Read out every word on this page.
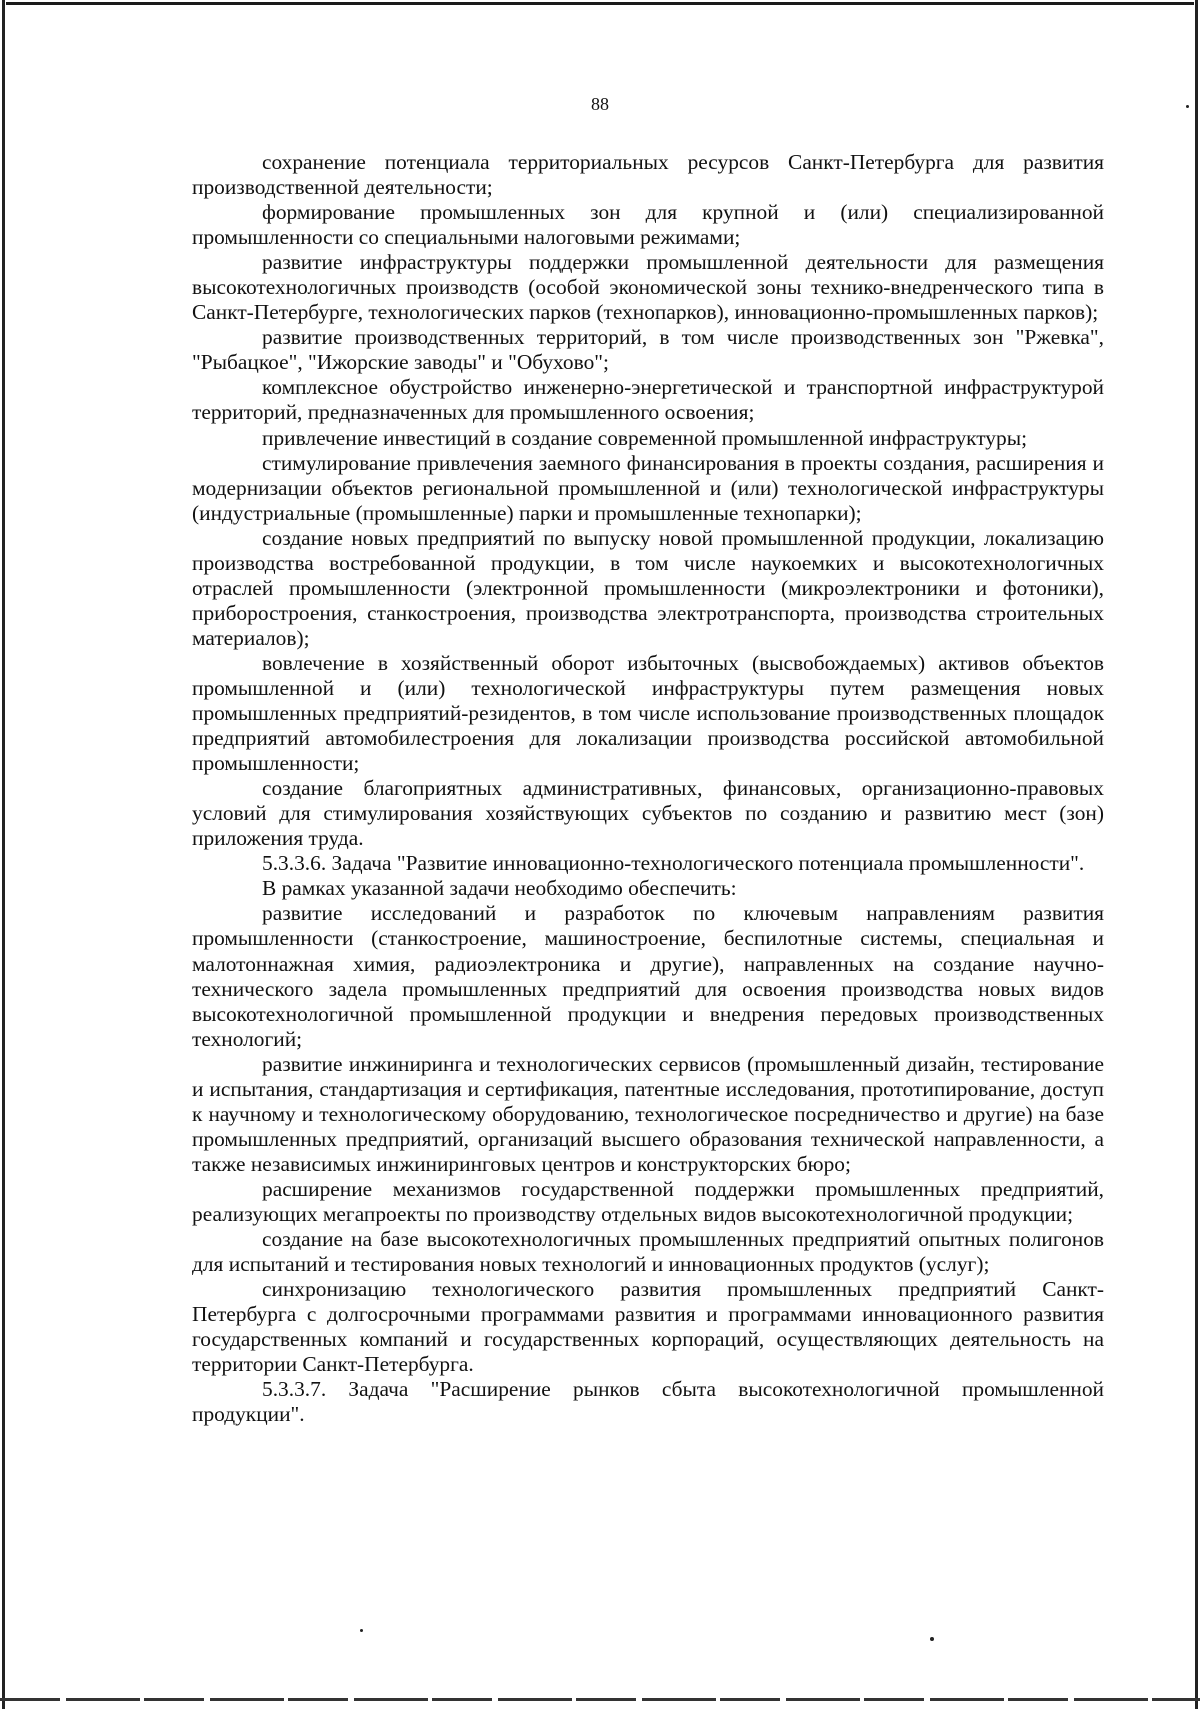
88

сохранение потенциала территориальных ресурсов Санкт-Петербурга для развития производственной деятельности;

формирование промышленных зон для крупной и (или) специализированной промышленности со специальными налоговыми режимами;

развитие инфраструктуры поддержки промышленной деятельности для размещения высокотехнологичных производств (особой экономической зоны технико-внедренческого типа в Санкт-Петербурге, технологических парков (технопарков), инновационно-промышленных парков);

развитие производственных территорий, в том числе производственных зон "Ржевка", "Рыбацкое", "Ижорские заводы" и "Обухово";

комплексное обустройство инженерно-энергетической и транспортной инфраструктурой территорий, предназначенных для промышленного освоения;

привлечение инвестиций в создание современной промышленной инфраструктуры;

стимулирование привлечения заемного финансирования в проекты создания, расширения и модернизации объектов региональной промышленной и (или) технологической инфраструктуры (индустриальные (промышленные) парки и промышленные технопарки);

создание новых предприятий по выпуску новой промышленной продукции, локализацию производства востребованной продукции, в том числе наукоемких и высокотехнологичных отраслей промышленности (электронной промышленности (микроэлектроники и фотоники), приборостроения, станкостроения, производства электротранспорта, производства строительных материалов);

вовлечение в хозяйственный оборот избыточных (высвобождаемых) активов объектов промышленной и (или) технологической инфраструктуры путем размещения новых промышленных предприятий-резидентов, в том числе использование производственных площадок предприятий автомобилестроения для локализации производства российской автомобильной промышленности;

создание благоприятных административных, финансовых, организационно-правовых условий для стимулирования хозяйствующих субъектов по созданию и развитию мест (зон) приложения труда.

5.3.3.6. Задача "Развитие инновационно-технологического потенциала промышленности".

В рамках указанной задачи необходимо обеспечить:

развитие исследований и разработок по ключевым направлениям развития промышленности (станкостроение, машиностроение, беспилотные системы, специальная и малотоннажная химия, радиоэлектроника и другие), направленных на создание научно-технического задела промышленных предприятий для освоения производства новых видов высокотехнологичной промышленной продукции и внедрения передовых производственных технологий;

развитие инжиниринга и технологических сервисов (промышленный дизайн, тестирование и испытания, стандартизация и сертификация, патентные исследования, прототипирование, доступ к научному и технологическому оборудованию, технологическое посредничество и другие) на базе промышленных предприятий, организаций высшего образования технической направленности, а также независимых инжиниринговых центров и конструкторских бюро;

расширение механизмов государственной поддержки промышленных предприятий, реализующих мегапроекты по производству отдельных видов высокотехнологичной продукции;

создание на базе высокотехнологичных промышленных предприятий опытных полигонов для испытаний и тестирования новых технологий и инновационных продуктов (услуг);

синхронизацию технологического развития промышленных предприятий Санкт-Петербурга с долгосрочными программами развития и программами инновационного развития государственных компаний и государственных корпораций, осуществляющих деятельность на территории Санкт-Петербурга.

5.3.3.7. Задача "Расширение рынков сбыта высокотехнологичной промышленной продукции".
